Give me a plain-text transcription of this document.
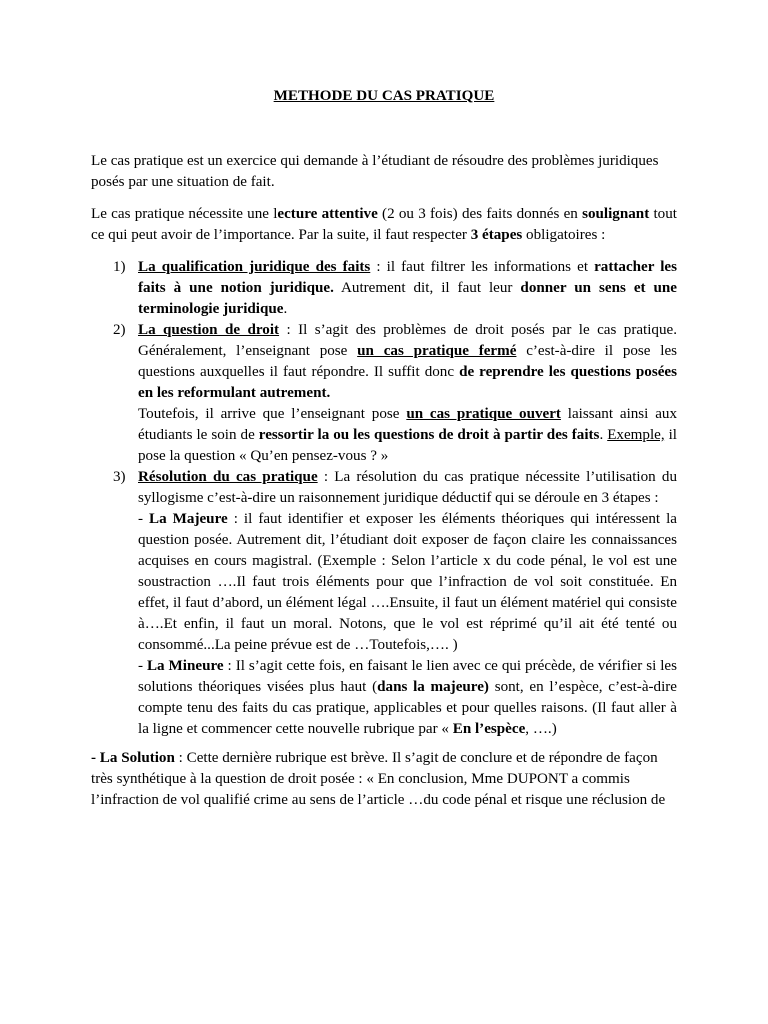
METHODE DU CAS PRATIQUE

Le cas pratique est un exercice qui demande à l’étudiant de résoudre des problèmes juridiques posés par une situation de fait.

Le cas pratique nécessite une lecture attentive (2 ou 3 fois) des faits donnés en soulignant tout ce qui peut avoir de l’importance. Par la suite, il faut respecter 3 étapes obligatoires :

1) La qualification juridique des faits : il faut filtrer les informations et rattacher les faits à une notion juridique. Autrement dit, il faut leur donner un sens et une terminologie juridique.

2) La question de droit : Il s’agit des problèmes de droit posés par le cas pratique. Généralement, l’enseignant pose un cas pratique fermé c’est-à-dire il pose les questions auxquelles il faut répondre. Il suffit donc de reprendre les questions posées en les reformulant autrement.

Toutefois, il arrive que l’enseignant pose un cas pratique ouvert laissant ainsi aux étudiants le soin de ressortir la ou les questions de droit à partir des faits. Exemple, il pose la question « Qu’en pensez-vous ? »

3) Résolution du cas pratique : La résolution du cas pratique nécessite l’utilisation du syllogisme c’est-à-dire un raisonnement juridique déductif qui se déroule en 3 étapes :

- La Majeure : il faut identifier et exposer les éléments théoriques qui intéressent la question posée. Autrement dit, l’étudiant doit exposer de façon claire les connaissances acquises en cours magistral. (Exemple : Selon l’article x du code pénal, le vol est une soustraction ….Il faut trois éléments pour que l’infraction de vol soit constituée. En effet, il faut d’abord, un élément légal ….Ensuite, il faut un élément matériel qui consiste à….Et enfin, il faut un moral. Notons, que le vol est réprimé qu’il ait été tenté ou consommé...La peine prévue est de …Toutefois,…. )

- La Mineure : Il s’agit cette fois, en faisant le lien avec ce qui précède, de vérifier si les solutions théoriques visées plus haut (dans la majeure) sont, en l’espèce, c’est-à-dire compte tenu des faits du cas pratique, applicables et pour quelles raisons. (Il faut aller à la ligne et commencer cette nouvelle rubrique par « En l’espèce, ….)

- La Solution : Cette dernière rubrique est brève. Il s’agit de conclure et de répondre de façon très synthétique à la question de droit posée : « En conclusion, Mme DUPONT a commis l’infraction de vol qualifié crime au sens de l’article …du code pénal et risque une réclusion de
